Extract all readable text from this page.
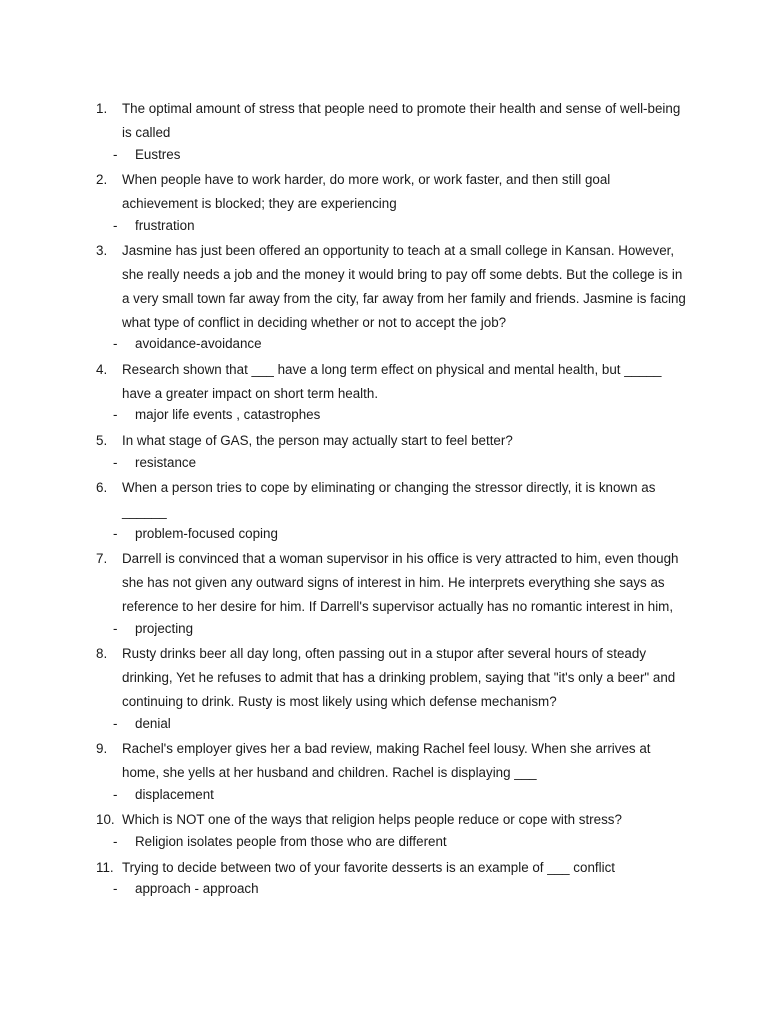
1.	The optimal amount of stress that people need to promote their health and sense of well-being is called
-	Eustres
2.	When people have to work harder, do more work, or work faster, and then still goal achievement is blocked; they are experiencing
-	frustration
3.	Jasmine has just been offered an opportunity to teach at a small college in Kansan. However, she really needs a job and the money it would bring to pay off some debts. But the college is in a very small town far away from the city, far away from her family and friends. Jasmine is facing what type of conflict in deciding whether or not to accept the job?
-	avoidance-avoidance
4.	Research shown that ___ have a long term effect on physical and mental health, but _____ have a greater impact on short term health.
-	major life events , catastrophes
5.	In what stage of GAS, the person may actually start to feel better?
-	resistance
6.	When a person tries to cope by eliminating or changing the stressor directly, it is known as ______
-	problem-focused coping
7.	Darrell is convinced that a woman supervisor in his office is very attracted to him, even though she has not given any outward signs of interest in him. He interprets everything she says as reference to her desire for him. If Darrell's supervisor actually has no romantic interest in him,
-	projecting
8.	Rusty drinks beer all day long, often passing out in a stupor after several hours of steady drinking, Yet he refuses to admit that has a drinking problem, saying that "it's only a beer" and continuing to drink. Rusty is most likely using which defense mechanism?
-	denial
9.	Rachel's employer gives her a bad review, making Rachel feel lousy. When she arrives at home, she yells at her husband and children. Rachel is displaying ___
-	displacement
10. Which is NOT one of the ways that religion helps people reduce or cope with stress?
-	Religion isolates people from those who are different
11. Trying to decide between two of your favorite desserts is an example of ___ conflict
-	approach - approach
